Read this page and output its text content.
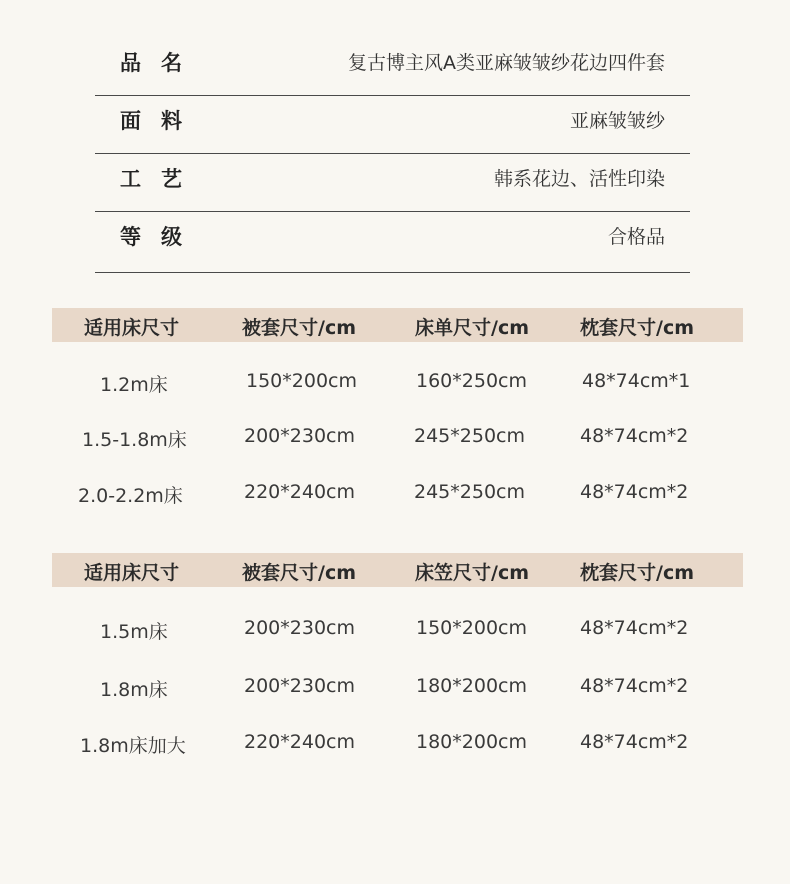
品名	复古博主风A类亚麻皱皱纱花边四件套
面料	亚麻皱皱纱
工艺	韩系花边、活性印染
等级	合格品
适用床尺寸	被套尺寸/cm	床单尺寸/cm	枕套尺寸/cm
1.2m床	150*200cm	160*250cm	48*74cm*1
1.5-1.8m床	200*230cm	245*250cm	48*74cm*2
2.0-2.2m床	220*240cm	245*250cm	48*74cm*2
适用床尺寸	被套尺寸/cm	床笠尺寸/cm	枕套尺寸/cm
1.5m床	200*230cm	150*200cm	48*74cm*2
1.8m床	200*230cm	180*200cm	48*74cm*2
1.8m床加大	220*240cm	180*200cm	48*74cm*2
